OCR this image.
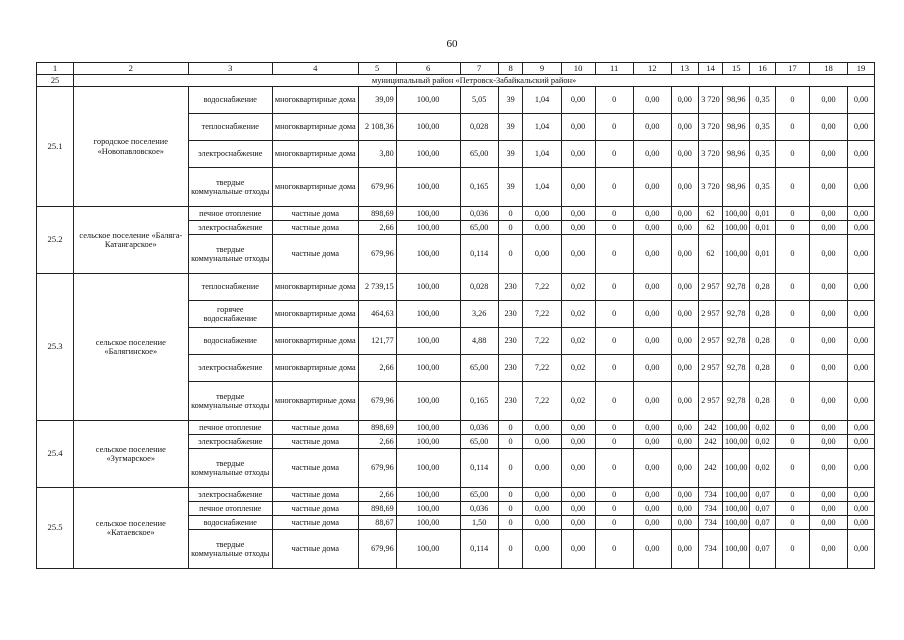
60
1	2	3	4	5	6	7	8	9	10	11	12	13	14	15	16	17	18	19
25	муниципальный район «Петровск-Забайкальский район»																	
25.1	городское поселение «Новопавловское»	водоснабжение	многоквартирные дома	39,09	100,00	5,05	39	1,04	0,00	0	0,00	0,00	3 720	98,96	0,35	0	0,00	0,00
		теплоснабжение	многоквартирные дома	2 108,36	100,00	0,028	39	1,04	0,00	0	0,00	0,00	3 720	98,96	0,35	0	0,00	0,00
		электроснабжение	многоквартирные дома	3,80	100,00	65,00	39	1,04	0,00	0	0,00	0,00	3 720	98,96	0,35	0	0,00	0,00
		твердые коммунальные отходы	многоквартирные дома	679,96	100,00	0,165	39	1,04	0,00	0	0,00	0,00	3 720	98,96	0,35	0	0,00	0,00
25.2	сельское поселение «Баляга-Катангарское»	печное отопление	частные дома	898,69	100,00	0,036	0	0,00	0,00	0	0,00	0,00	62	100,00	0,01	0	0,00	0,00
		электроснабжение	частные дома	2,66	100,00	65,00	0	0,00	0,00	0	0,00	0,00	62	100,00	0,01	0	0,00	0,00
		твердые коммунальные отходы	частные дома	679,96	100,00	0,114	0	0,00	0,00	0	0,00	0,00	62	100,00	0,01	0	0,00	0,00
25.3	сельское поселение «Балягинское»	теплоснабжение	многоквартирные дома	2 739,15	100,00	0,028	230	7,22	0,02	0	0,00	0,00	2 957	92,78	0,28	0	0,00	0,00
		горячее водоснабжение	многоквартирные дома	464,63	100,00	3,26	230	7,22	0,02	0	0,00	0,00	2 957	92,78	0,28	0	0,00	0,00
		водоснабжение	многоквартирные дома	121,77	100,00	4,88	230	7,22	0,02	0	0,00	0,00	2 957	92,78	0,28	0	0,00	0,00
		электроснабжение	многоквартирные дома	2,66	100,00	65,00	230	7,22	0,02	0	0,00	0,00	2 957	92,78	0,28	0	0,00	0,00
		твердые коммунальные отходы	многоквартирные дома	679,96	100,00	0,165	230	7,22	0,02	0	0,00	0,00	2 957	92,78	0,28	0	0,00	0,00
25.4	сельское поселение «Зугмарское»	печное отопление	частные дома	898,69	100,00	0,036	0	0,00	0,00	0	0,00	0,00	242	100,00	0,02	0	0,00	0,00
		электроснабжение	частные дома	2,66	100,00	65,00	0	0,00	0,00	0	0,00	0,00	242	100,00	0,02	0	0,00	0,00
		твердые коммунальные отходы	частные дома	679,96	100,00	0,114	0	0,00	0,00	0	0,00	0,00	242	100,00	0,02	0	0,00	0,00
25.5	сельское поселение «Катаевское»	электроснабжение	частные дома	2,66	100,00	65,00	0	0,00	0,00	0	0,00	0,00	734	100,00	0,07	0	0,00	0,00
		печное отопление	частные дома	898,69	100,00	0,036	0	0,00	0,00	0	0,00	0,00	734	100,00	0,07	0	0,00	0,00
		водоснабжение	частные дома	88,67	100,00	1,50	0	0,00	0,00	0	0,00	0,00	734	100,00	0,07	0	0,00	0,00
		твердые коммунальные отходы	частные дома	679,96	100,00	0,114	0	0,00	0,00	0	0,00	0,00	734	100,00	0,07	0	0,00	0,00
